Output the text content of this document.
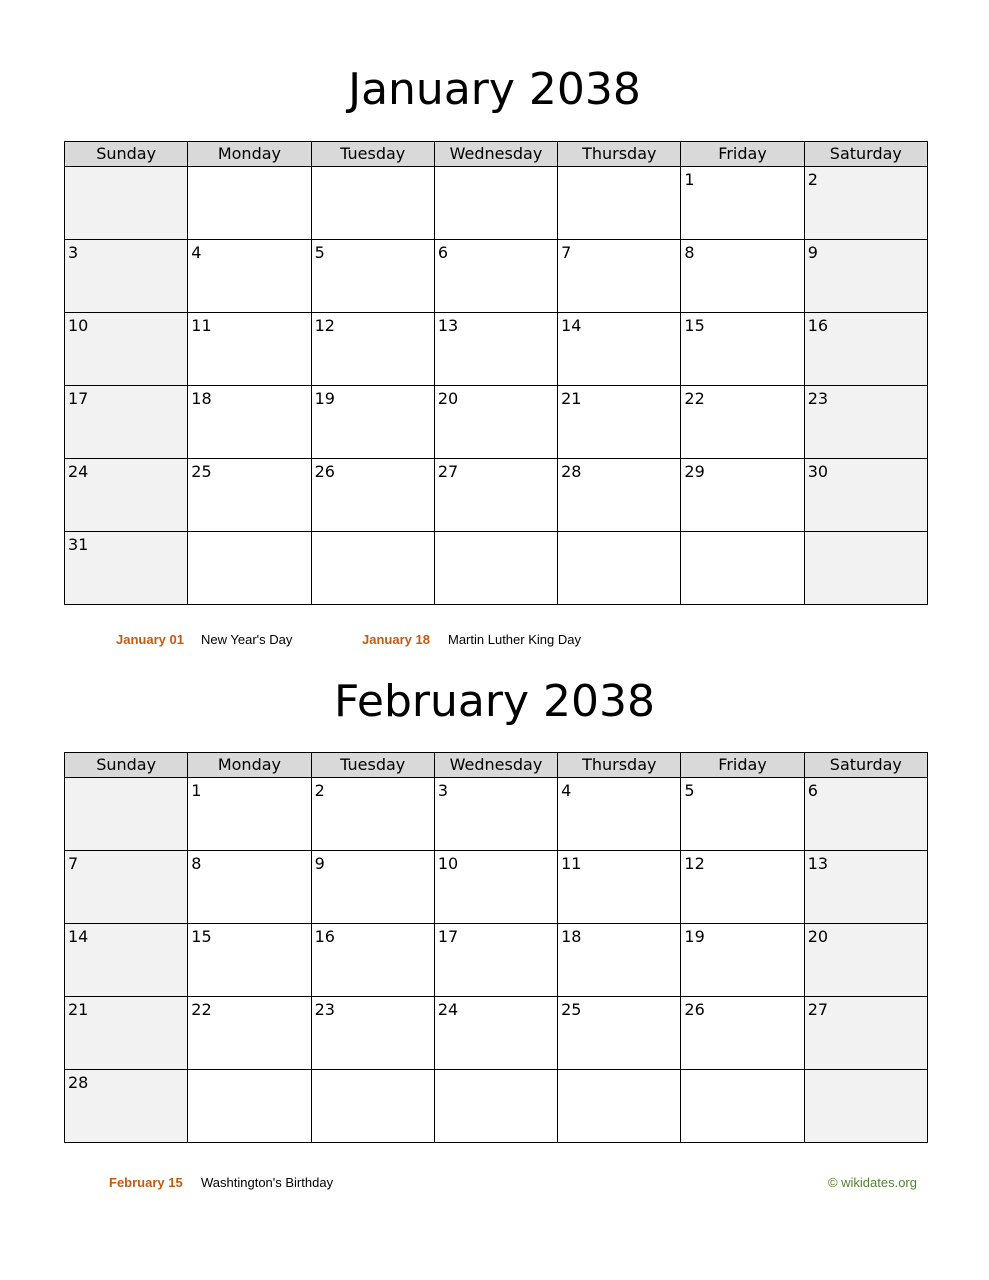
January 2038
Sunday	Monday	Tuesday	Wednesday	Thursday	Friday	Saturday

					1	2

3	4	5	6	7	8	9

10	11	12	13	14	15	16

17	18	19	20	21	22	23

24	25	26	27	28	29	30

31						

January 01 New Year's Day	January 18 Martin Luther King Day
February 2038
Sunday	Monday	Tuesday	Wednesday	Thursday	Friday	Saturday

	1	2	3	4	5	6

7	8	9	10	11	12	13

14	15	16	17	18	19	20

21	22	23	24	25	26	27

28						

February 15 Washtington's Birthday	© wikidates.org
